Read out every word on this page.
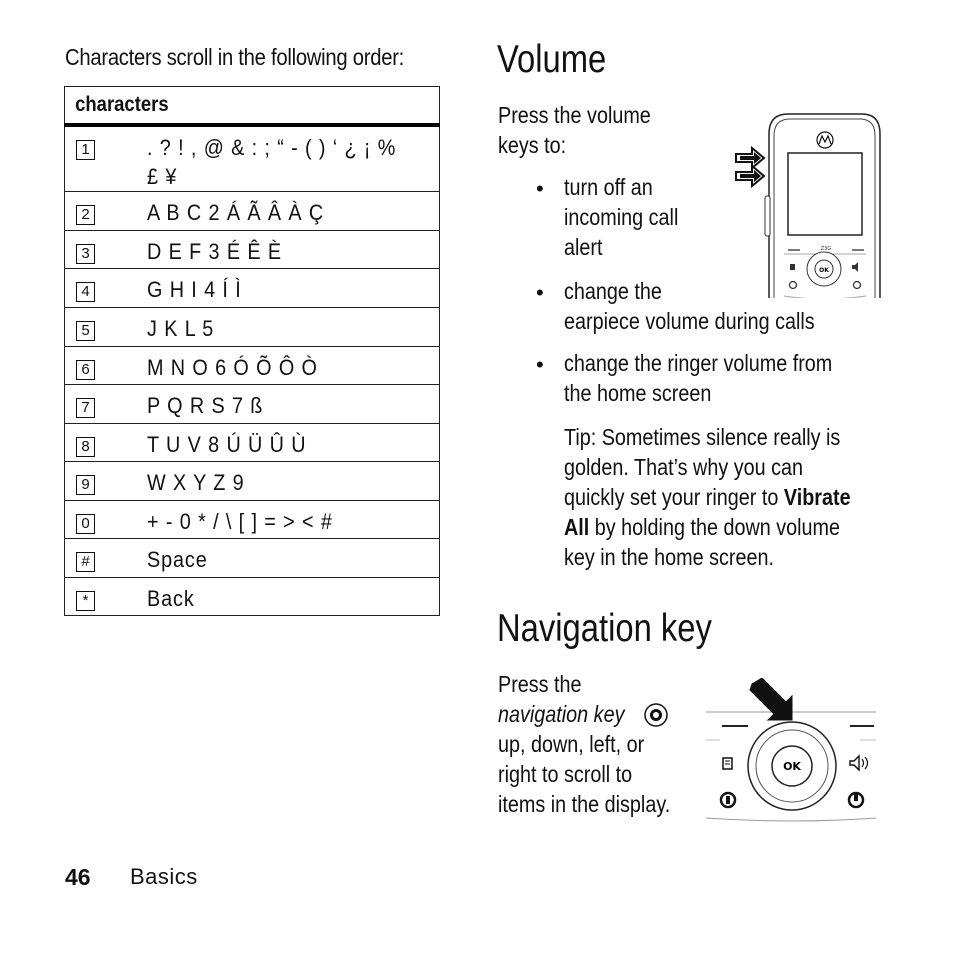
Characters scroll in the following order:
characters	
1	. ? ! , @ & : ; “ - ( ) ‘ ¿ ¡ % £ ¥
2	A B C 2 Á Ã Â À Ç
3	D E F 3 É Ê È
4	G H I 4 Í Ì
5	J K L 5
6	M N O 6 Ó Õ Ô Ò
7	P Q R S 7 ß
8	T U V 8 Ú Ü Û Ù
9	W X Y Z 9
0	+ - 0 * / \ [ ] = > < #
#	Space
*	Back
Volume
Press the volume
keys to:
• turn off an
incoming call
alert
• change the
earpiece volume during calls
• change the ringer volume from
the home screen
Tip: Sometimes silence really is
golden. That’s why you can
quickly set your ringer to Vibrate
All by holding the down volume
key in the home screen.
Z3G
OK
Navigation key
Press the
navigation key
up, down, left, or
right to scroll to
items in the display.
OK
46 Basics
